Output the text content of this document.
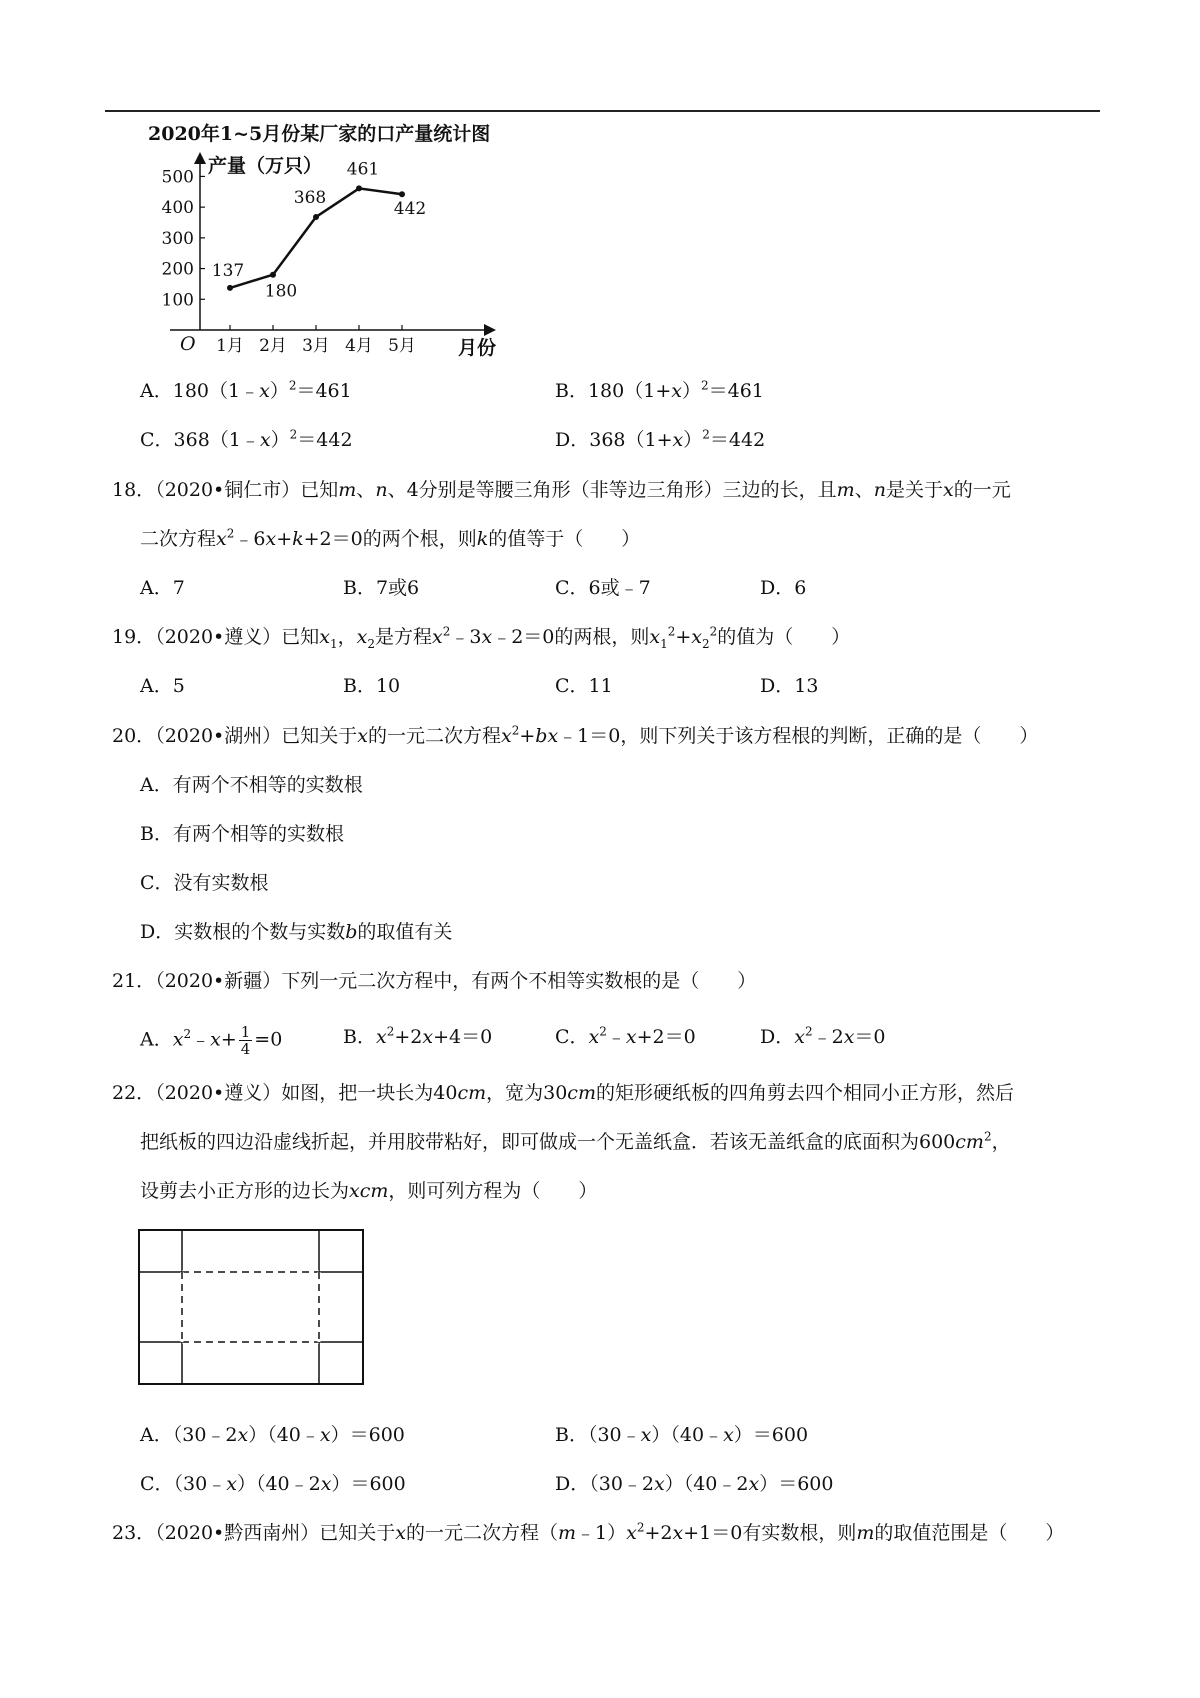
2020年1~5月份某厂家的口产量统计图
产量（万只）
月份
O
100
200
300
400
500
1月 2月 3月 4月 5月
137
180
368
461
442
A．180（1﹣x）$^2$＝461	B．$180(1+x)^2=461$
C．368（1﹣x）$^2$＝442	D．$368(1+x)^2=442$
18．（2020•铜仁市）已知m、n、4分别是等腰三角形（非等边三角形）三边的长，且m、n是关于x的一元
二次方程$x^2﹣6x+k+2=0$的两个根，则k的值等于（　　）
A．7	B．7或6	C．6或﹣7	D．6
19．（2020•遵义）已知$x_1$，$x_2$是方程$x^2﹣3x﹣2=0$的两根，则$x_1^2+x_2^2$的值为（　　）
A．5	B．10	C．11	D．13
20．（2020•湖州）已知关于x的一元二次方程$x^2+bx﹣1=0$，则下列关于该方程根的判断，正确的是（　　）
A．有两个不相等的实数根
B．有两个相等的实数根
C．没有实数根
D．实数根的个数与实数b的取值有关
21．（2020•新疆）下列一元二次方程中，有两个不相等实数根的是（　　）
A．$x^2﹣x+ \frac{1}{4} =0$	B．$x^2+2x+4=0$	C．$x^2﹣x+2=0$	D．$x^2﹣2x=0$
22．（2020•遵义）如图，把一块长为40cm，宽为30cm的矩形硬纸板的四角剪去四个相同小正方形，然后
把纸板的四边沿虚线折起，并用胶带粘好，即可做成一个无盖纸盒．若该无盖纸盒的底面积为$600cm^2$，
设剪去小正方形的边长为xcm，则可列方程为（　　）
A．（30﹣2x）（40﹣x）＝600	B．（30﹣x）（40﹣x）＝600
C．（30﹣x）（40﹣2x）＝600	D．（30﹣2x）（40﹣2x）＝600
23．（2020•黔西南州）已知关于x的一元二次方程$(m﹣1)x^2+2x+1=0$有实数根，则m的取值范围是（　　）
